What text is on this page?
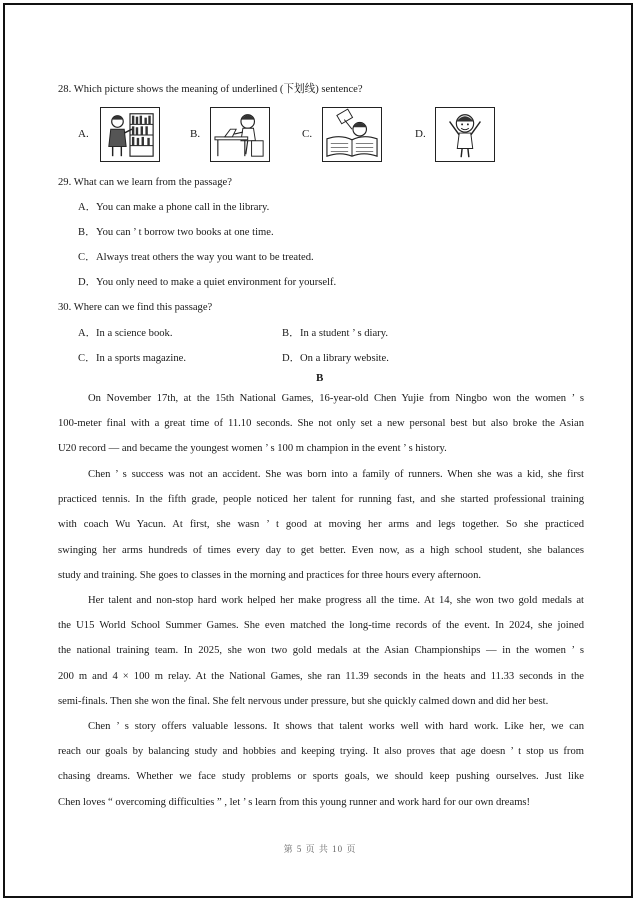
28. Which picture shows the meaning of underlined (下划线) sentence?
A.	B.	C.	D.
29. What can we learn from the passage?
A．You can make a phone call in the library.
B．You can ’ t borrow two books at one time.
C．Always treat others the way you want to be treated.
D．You only need to make a quiet environment for yourself.
30. Where can we find this passage?
A．In a science book.	B．In a student ’ s diary.
C．In a sports magazine.	D．On a library website.
B
On November 17th, at the 15th National Games, 16-year-old Chen Yujie from Ningbo won the women ’ s
100-meter final with a great time of 11.10 seconds. She not only set a new personal best but also broke the Asian
U20 record — and became the youngest women ’ s 100 m champion in the event ’ s history.
Chen ’ s success was not an accident. She was born into a family of runners. When she was a kid, she first
practiced tennis. In the fifth grade, people noticed her talent for running fast, and she started professional training
with coach Wu Yacun. At first, she wasn ’ t good at moving her arms and legs together. So she practiced
swinging her arms hundreds of times every day to get better. Even now, as a high school student, she balances
study and training. She goes to classes in the morning and practices for three hours every afternoon.
Her talent and non-stop hard work helped her make progress all the time. At 14, she won two gold medals at
the U15 World School Summer Games. She even matched the long-time records of the event. In 2024, she joined
the national training team. In 2025, she won two gold medals at the Asian Championships — in the women ’ s
200 m and 4 × 100 m relay. At the National Games, she ran 11.39 seconds in the heats and 11.33 seconds in the
semi-finals. Then she won the final. She felt nervous under pressure, but she quickly calmed down and did her best.
Chen ’ s story offers valuable lessons. It shows that talent works well with hard work. Like her, we can
reach our goals by balancing study and hobbies and keeping trying. It also proves that age doesn ’ t stop us from
chasing dreams. Whether we face study problems or sports goals, we should keep pushing ourselves. Just like
Chen loves “ overcoming difficulties ” , let ’ s learn from this young runner and work hard for our own dreams!
第 5 页 共 10 页
